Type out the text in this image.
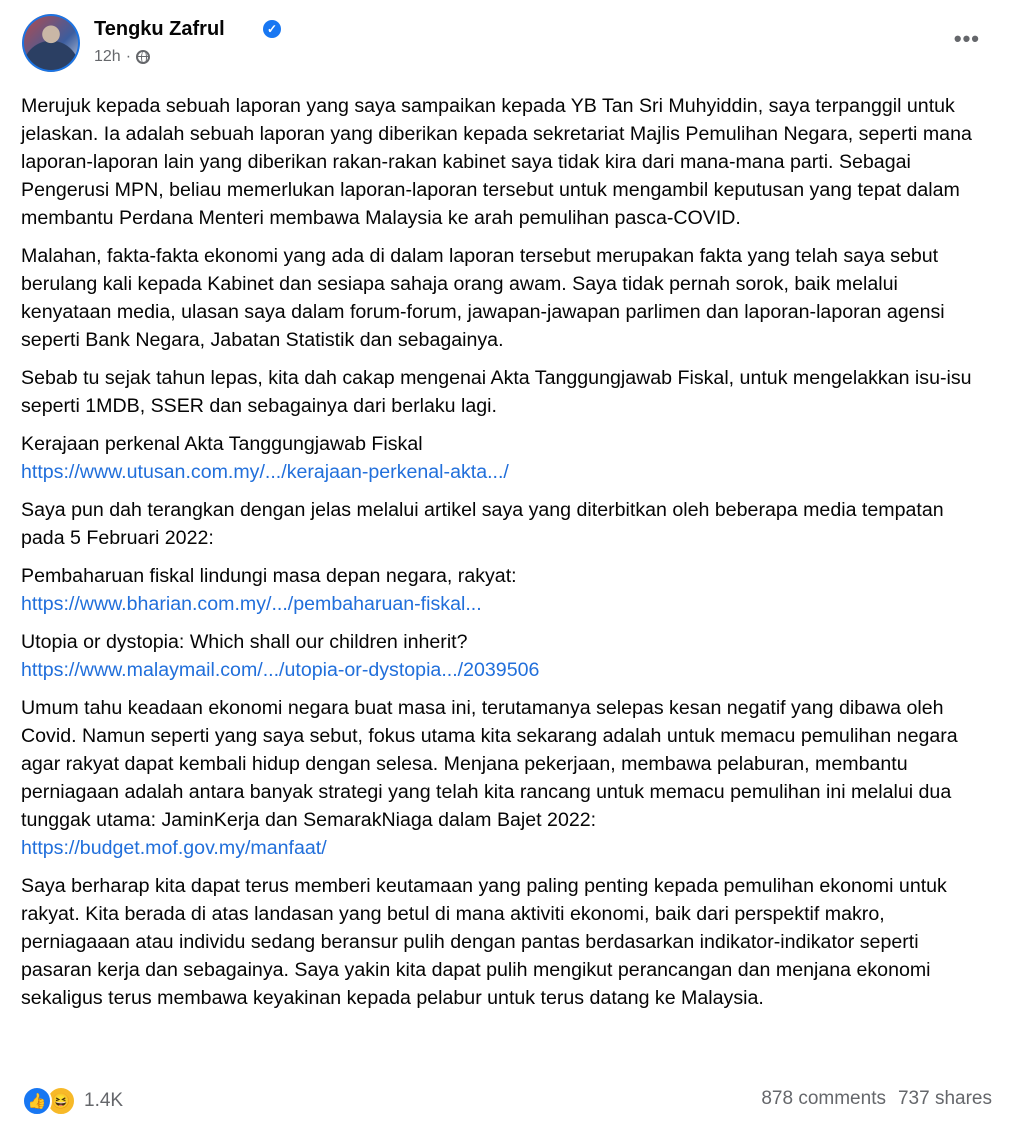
Tengku Zafrul	✓
12h ·
•••

Merujuk kepada sebuah laporan yang saya sampaikan kepada YB Tan Sri Muhyiddin, saya terpanggil untuk jelaskan. Ia adalah sebuah laporan yang diberikan kepada sekretariat Majlis Pemulihan Negara, seperti mana laporan-laporan lain yang diberikan rakan-rakan kabinet saya tidak kira dari mana-mana parti. Sebagai Pengerusi MPN, beliau memerlukan laporan-laporan tersebut untuk mengambil keputusan yang tepat dalam membantu Perdana Menteri membawa Malaysia ke arah pemulihan pasca-COVID.

Malahan, fakta-fakta ekonomi yang ada di dalam laporan tersebut merupakan fakta yang telah saya sebut berulang kali kepada Kabinet dan sesiapa sahaja orang awam. Saya tidak pernah sorok, baik melalui kenyataan media, ulasan saya dalam forum-forum, jawapan-jawapan parlimen dan laporan-laporan agensi seperti Bank Negara, Jabatan Statistik dan sebagainya.

Sebab tu sejak tahun lepas, kita dah cakap mengenai Akta Tanggungjawab Fiskal, untuk mengelakkan isu-isu seperti 1MDB, SSER dan sebagainya dari berlaku lagi.

Kerajaan perkenal Akta Tanggungjawab Fiskal
https://www.utusan.com.my/.../kerajaan-perkenal-akta.../

Saya pun dah terangkan dengan jelas melalui artikel saya yang diterbitkan oleh beberapa media tempatan pada 5 Februari 2022:

Pembaharuan fiskal lindungi masa depan negara, rakyat:
https://www.bharian.com.my/.../pembaharuan-fiskal...

Utopia or dystopia: Which shall our children inherit?
https://www.malaymail.com/.../utopia-or-dystopia.../2039506

Umum tahu keadaan ekonomi negara buat masa ini, terutamanya selepas kesan negatif yang dibawa oleh Covid. Namun seperti yang saya sebut, fokus utama kita sekarang adalah untuk memacu pemulihan negara agar rakyat dapat kembali hidup dengan selesa. Menjana pekerjaan, membawa pelaburan, membantu perniagaan adalah antara banyak strategi yang telah kita rancang untuk memacu pemulihan ini melalui dua tunggak utama: JaminKerja dan SemarakNiaga dalam Bajet 2022:
https://budget.mof.gov.my/manfaat/

Saya berharap kita dapat terus memberi keutamaan yang paling penting kepada pemulihan ekonomi untuk rakyat. Kita berada di atas landasan yang betul di mana aktiviti ekonomi, baik dari perspektif makro, perniagaaan atau individu sedang beransur pulih dengan pantas berdasarkan indikator-indikator seperti pasaran kerja dan sebagainya. Saya yakin kita dapat pulih mengikut perancangan dan menjana ekonomi sekaligus terus membawa keyakinan kepada pelabur untuk terus datang ke Malaysia.

👍 😆 1.4K	878 comments 737 shares
